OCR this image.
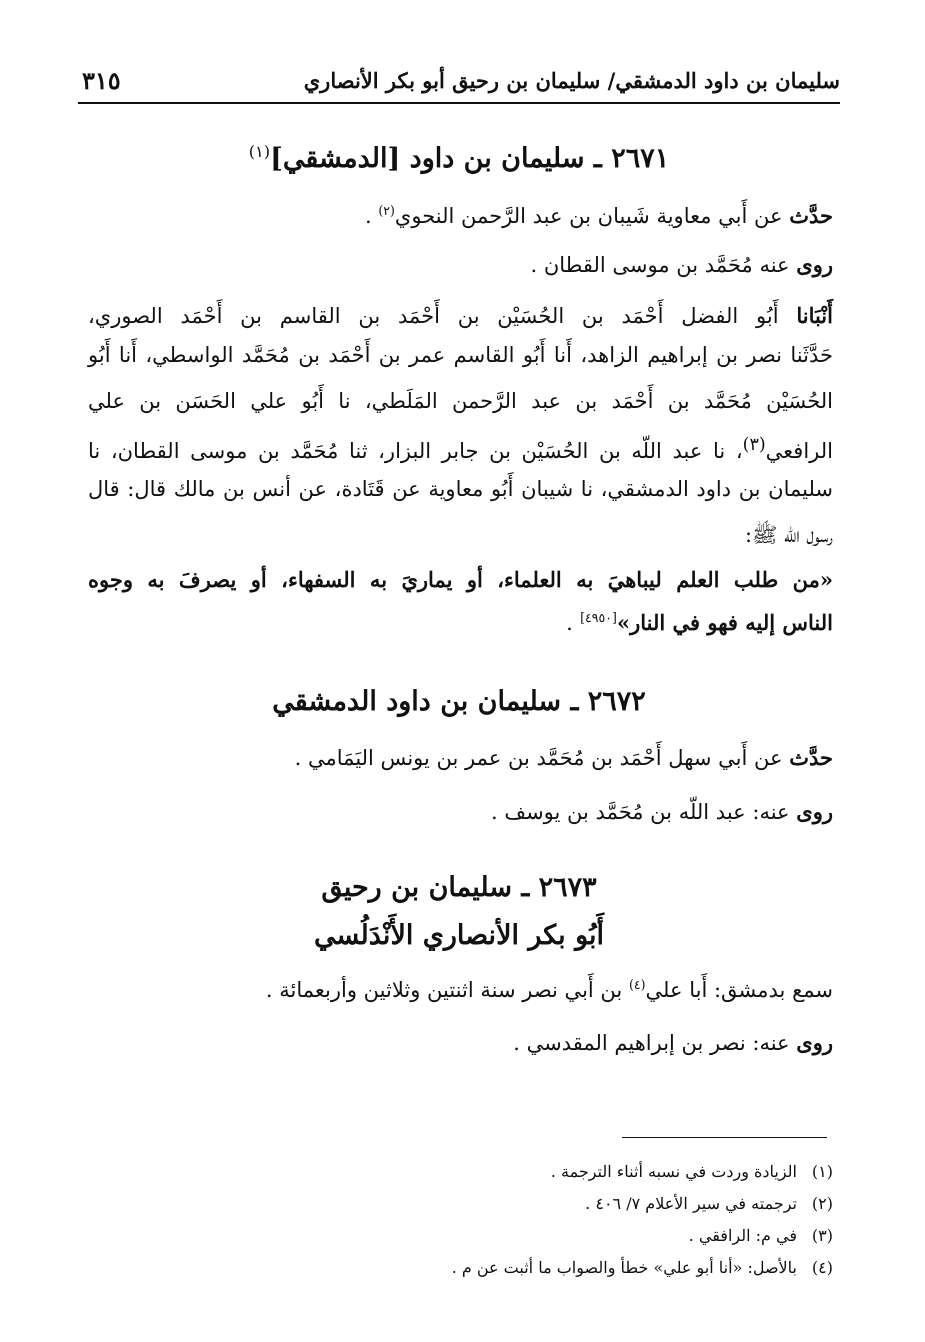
سليمان بن داود الدمشقي/ سليمان بن رحيق أبو بكر الأنصاري
٣١٥
٢٦٧١ ـ سليمان بن داود [الدمشقي]$^{(١)}$
حدَّث عن أَبي معاوية شَيبان بن عبد الرَّحمن النحوي$^{(٢)}$ .
روى عنه مُحَمَّد بن موسى القطان .
أَنْبَانا أَبُو الفضل أَحْمَد بن الحُسَيْن بن أَحْمَد بن القاسم بن أَحْمَد الصوري،
حَدَّثَنا نصر بن إبراهيم الزاهد، أَنا أَبُو القاسم عمر بن أَحْمَد بن مُحَمَّد الواسطي، أَنا أَبُو
الحُسَيْن مُحَمَّد بن أَحْمَد بن عبد الرَّحمن المَلَطي، نا أَبُو علي الحَسَن بن علي
الرافعي$^{(٣)}$، نا عبد اللّه بن الحُسَيْن بن جابر البزار، ثنا مُحَمَّد بن موسى القطان، نا
سليمان بن داود الدمشقي، نا شيبان أَبُو معاوية عن قَتَادة، عن أنس بن مالك قال: قال
رسول الله ﷺ:
«من طلب العلم ليباهيَ به العلماء، أو يماريَ به السفهاء، أو يصرفَ به وجوه
الناس إليه فهو في النار»[٤٩٥٠] .
٢٦٧٢ ـ سليمان بن داود الدمشقي
حدَّث عن أَبي سهل أَحْمَد بن مُحَمَّد بن عمر بن يونس اليَمَامي .
روى عنه: عبد اللّه بن مُحَمَّد بن يوسف .
٢٦٧٣ ـ سليمان بن رحيق
أَبُو بكر الأنصاري الأَنْدَلُسي
سمع بدمشق: أَبا علي$^{(٤)}$ بن أَبي نصر سنة اثنتين وثلاثين وأربعمائة .
روى عنه: نصر بن إبراهيم المقدسي .
(١)الزيادة وردت في نسبه أثناء الترجمة .
(٢)ترجمته في سير الأعلام ٧/ ٤٠٦ .
(٣)في م: الرافقي .
(٤)بالأصل: «أنا أبو علي» خطأ والصواب ما أثبت عن م .
